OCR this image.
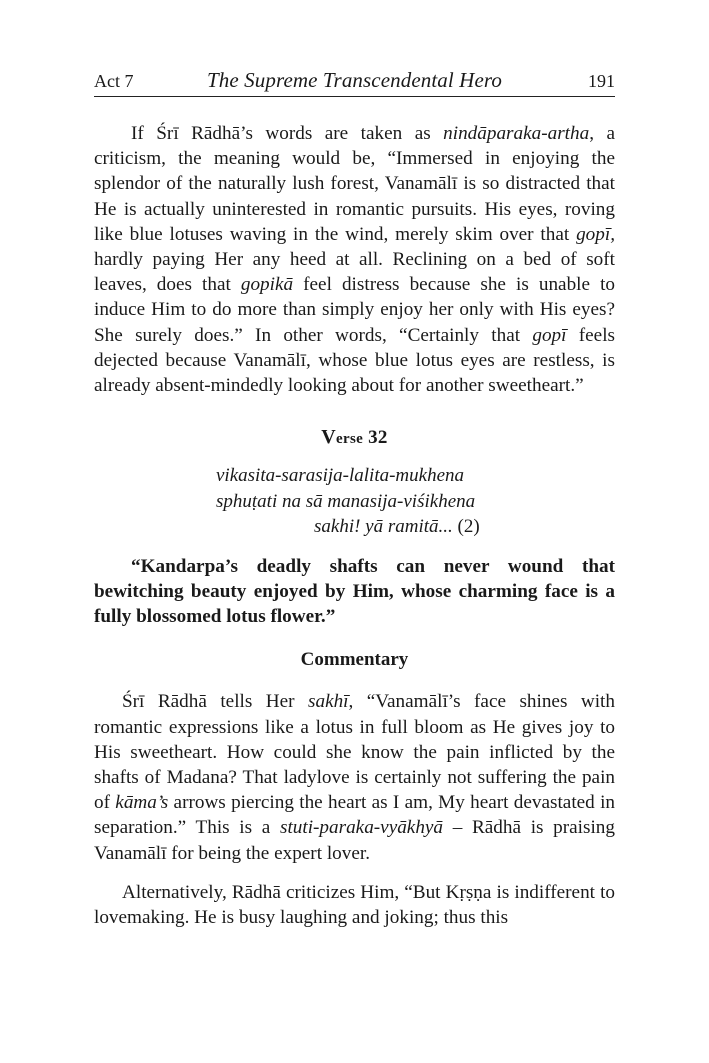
Act 7	The Supreme Transcendental Hero	191

If Śrī Rādhā’s words are taken as nindāparaka-artha, a criticism, the meaning would be, “Immersed in enjoying the splendor of the naturally lush forest, Vanamālī is so distracted that He is actually uninterested in romantic pursuits. His eyes, roving like blue lotuses waving in the wind, merely skim over that gopī, hardly paying Her any heed at all. Reclining on a bed of soft leaves, does that gopikā feel distress because she is unable to induce Him to do more than simply enjoy her only with His eyes? She surely does.” In other words, “Certainly that gopī feels dejected because Vanamālī, whose blue lotus eyes are restless, is already absent-mindedly looking about for another sweetheart.”

Verse 32
vikasita-sarasija-lalita-mukhena
sphuṭati na sā manasija-viśikhena
sakhi! yā ramitā... (2)

“Kandarpa’s deadly shafts can never wound that bewitching beauty enjoyed by Him, whose charming face is a fully blossomed lotus flower.”

Commentary

Śrī Rādhā tells Her sakhī, “Vanamālī’s face shines with romantic expressions like a lotus in full bloom as He gives joy to His sweetheart. How could she know the pain inflicted by the shafts of Madana? That ladylove is certainly not suffering the pain of kāma’s arrows piercing the heart as I am, My heart devastated in separation.” This is a stuti-paraka-vyākhyā – Rādhā is praising Vanamālī for being the expert lover.

Alternatively, Rādhā criticizes Him, “But Kṛṣṇa is indifferent to lovemaking. He is busy laughing and joking; thus this
